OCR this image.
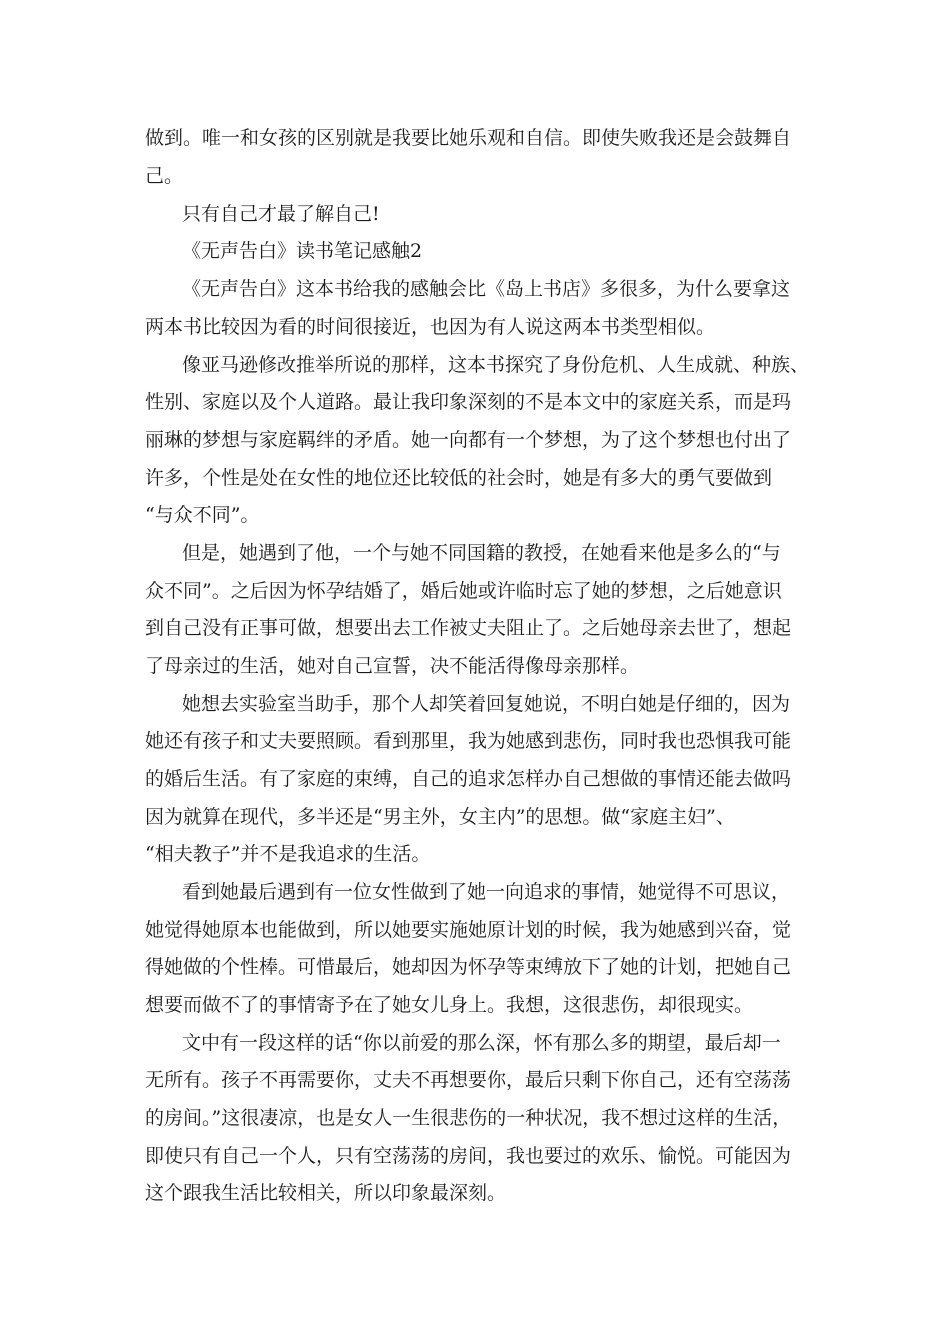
做到。唯一和女孩的区别就是我要比她乐观和自信。即使失败我还是会鼓舞自
己。
只有自己才最了解自己!
《无声告白》读书笔记感触2
《无声告白》这本书给我的感触会比《岛上书店》多很多，为什么要拿这
两本书比较因为看的时间很接近，也因为有人说这两本书类型相似。
像亚马逊修改推举所说的那样，这本书探究了身份危机、人生成就、种族、
性别、家庭以及个人道路。最让我印象深刻的不是本文中的家庭关系，而是玛
丽琳的梦想与家庭羁绊的矛盾。她一向都有一个梦想，为了这个梦想也付出了
许多，个性是处在女性的地位还比较低的社会时，她是有多大的勇气要做到
“与众不同”。
但是，她遇到了他，一个与她不同国籍的教授，在她看来他是多么的“与
众不同”。之后因为怀孕结婚了，婚后她或许临时忘了她的梦想，之后她意识
到自己没有正事可做，想要出去工作被丈夫阻止了。之后她母亲去世了，想起
了母亲过的生活，她对自己宣誓，决不能活得像母亲那样。
她想去实验室当助手，那个人却笑着回复她说，不明白她是仔细的，因为
她还有孩子和丈夫要照顾。看到那里，我为她感到悲伤，同时我也恐惧我可能
的婚后生活。有了家庭的束缚，自己的追求怎样办自己想做的事情还能去做吗
因为就算在现代，多半还是“男主外，女主内”的思想。做“家庭主妇”、
“相夫教子”并不是我追求的生活。
看到她最后遇到有一位女性做到了她一向追求的事情，她觉得不可思议，
她觉得她原本也能做到，所以她要实施她原计划的时候，我为她感到兴奋，觉
得她做的个性棒。可惜最后，她却因为怀孕等束缚放下了她的计划，把她自己
想要而做不了的事情寄予在了她女儿身上。我想，这很悲伤，却很现实。
文中有一段这样的话“你以前爱的那么深，怀有那么多的期望，最后却一
无所有。孩子不再需要你，丈夫不再想要你，最后只剩下你自己，还有空荡荡
的房间。”这很凄凉，也是女人一生很悲伤的一种状况，我不想过这样的生活，
即使只有自己一个人，只有空荡荡的房间，我也要过的欢乐、愉悦。可能因为
这个跟我生活比较相关，所以印象最深刻。
